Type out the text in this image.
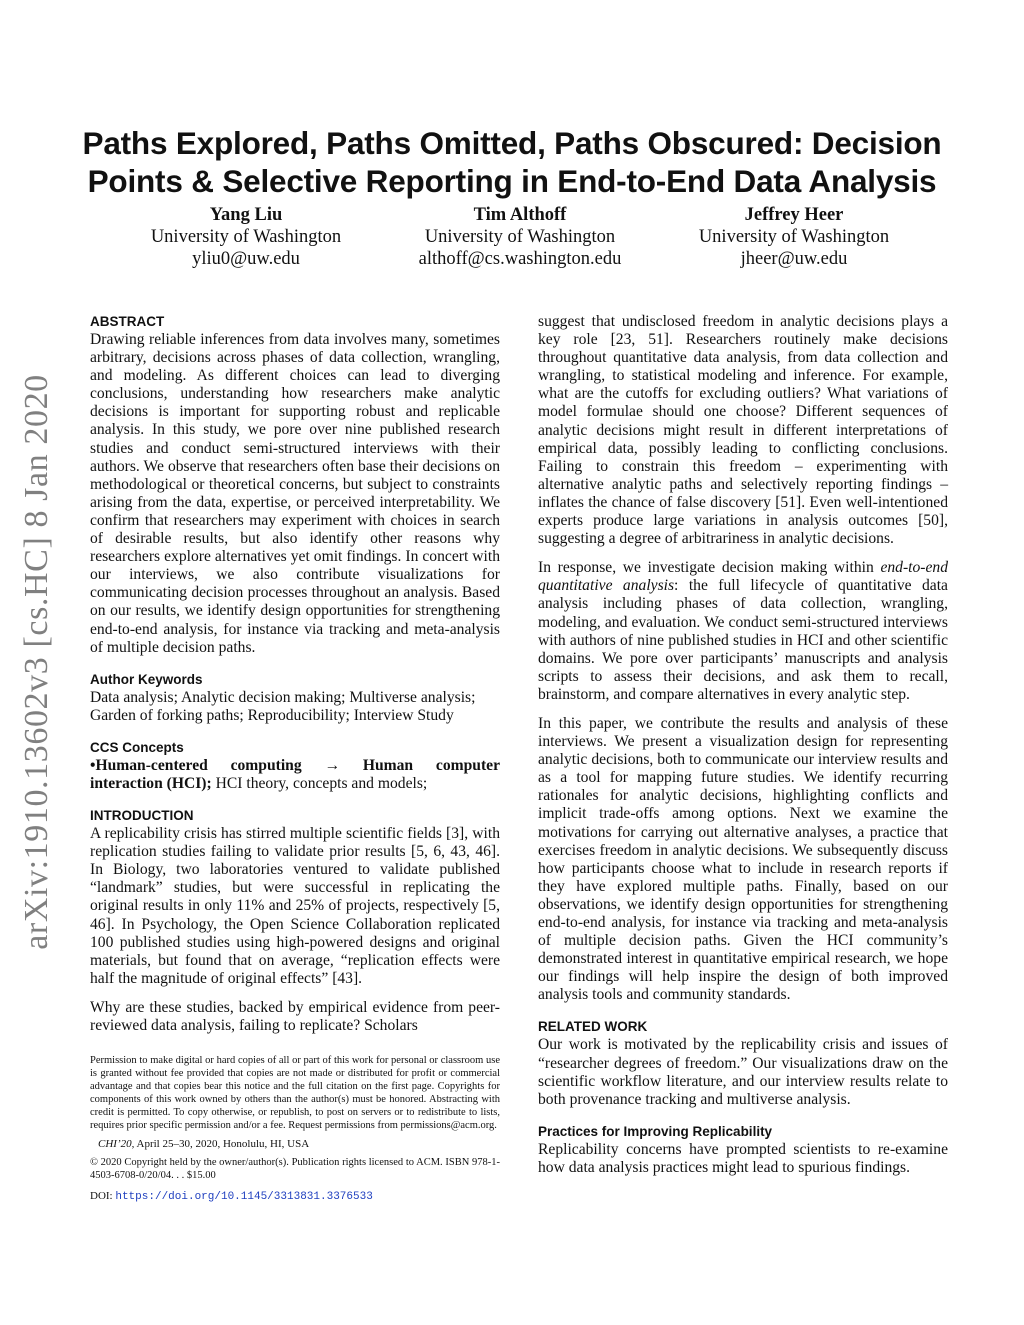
arXiv:1910.13602v3 [cs.HC] 8 Jan 2020
Paths Explored, Paths Omitted, Paths Obscured: Decision Points & Selective Reporting in End-to-End Data Analysis
Yang Liu
University of Washington
yliu0@uw.edu
Tim Althoff
University of Washington
althoff@cs.washington.edu
Jeffrey Heer
University of Washington
jheer@uw.edu
ABSTRACT

Drawing reliable inferences from data involves many, sometimes arbitrary, decisions across phases of data collection, wrangling, and modeling. As different choices can lead to diverging conclusions, understanding how researchers make analytic decisions is important for supporting robust and replicable analysis. In this study, we pore over nine published research studies and conduct semi-structured interviews with their authors. We observe that researchers often base their decisions on methodological or theoretical concerns, but subject to constraints arising from the data, expertise, or perceived interpretability. We confirm that researchers may experiment with choices in search of desirable results, but also identify other reasons why researchers explore alternatives yet omit findings. In concert with our interviews, we also contribute visualizations for communicating decision processes throughout an analysis. Based on our results, we identify design opportunities for strengthening end-to-end analysis, for instance via tracking and meta-analysis of multiple decision paths.

Author Keywords

Data analysis; Analytic decision making; Multiverse analysis; Garden of forking paths; Reproducibility; Interview Study

CCS Concepts

•Human-centered computing → Human computer interaction (HCI); HCI theory, concepts and models;

INTRODUCTION

A replicability crisis has stirred multiple scientific fields [3], with replication studies failing to validate prior results [5, 6, 43, 46]. In Biology, two laboratories ventured to validate published “landmark” studies, but were successful in replicating the original results in only 11% and 25% of projects, respectively [5, 46]. In Psychology, the Open Science Collaboration replicated 100 published studies using high-powered designs and original materials, but found that on average, “replication effects were half the magnitude of original effects” [43].

Why are these studies, backed by empirical evidence from peer-reviewed data analysis, failing to replicate? Scholars

Permission to make digital or hard copies of all or part of this work for personal or classroom use is granted without fee provided that copies are not made or distributed for profit or commercial advantage and that copies bear this notice and the full citation on the first page. Copyrights for components of this work owned by others than the author(s) must be honored. Abstracting with credit is permitted. To copy otherwise, or republish, to post on servers or to redistribute to lists, requires prior specific permission and/or a fee. Request permissions from permissions@acm.org.

CHI’20, April 25–30, 2020, Honolulu, HI, USA

© 2020 Copyright held by the owner/author(s). Publication rights licensed to ACM. ISBN 978-1-4503-6708-0/20/04. . . $15.00

DOI: https://doi.org/10.1145/3313831.3376533

suggest that undisclosed freedom in analytic decisions plays a key role [23, 51]. Researchers routinely make decisions throughout quantitative data analysis, from data collection and wrangling, to statistical modeling and inference. For example, what are the cutoffs for excluding outliers? What variations of model formulae should one choose? Different sequences of analytic decisions might result in different interpretations of empirical data, possibly leading to conflicting conclusions. Failing to constrain this freedom – experimenting with alternative analytic paths and selectively reporting findings – inflates the chance of false discovery [51]. Even well-intentioned experts produce large variations in analysis outcomes [50], suggesting a degree of arbitrariness in analytic decisions.

In response, we investigate decision making within end-to-end quantitative analysis: the full lifecycle of quantitative data analysis including phases of data collection, wrangling, modeling, and evaluation. We conduct semi-structured interviews with authors of nine published studies in HCI and other scientific domains. We pore over participants’ manuscripts and analysis scripts to assess their decisions, and ask them to recall, brainstorm, and compare alternatives in every analytic step.

In this paper, we contribute the results and analysis of these interviews. We present a visualization design for representing analytic decisions, both to communicate our interview results and as a tool for mapping future studies. We identify recurring rationales for analytic decisions, highlighting conflicts and implicit trade-offs among options. Next we examine the motivations for carrying out alternative analyses, a practice that exercises freedom in analytic decisions. We subsequently discuss how participants choose what to include in research reports if they have explored multiple paths. Finally, based on our observations, we identify design opportunities for strengthening end-to-end analysis, for instance via tracking and meta-analysis of multiple decision paths. Given the HCI community’s demonstrated interest in quantitative empirical research, we hope our findings will help inspire the design of both improved analysis tools and community standards.

RELATED WORK

Our work is motivated by the replicability crisis and issues of “researcher degrees of freedom.” Our visualizations draw on the scientific workflow literature, and our interview results relate to both provenance tracking and multiverse analysis.

Practices for Improving Replicability

Replicability concerns have prompted scientists to re-examine how data analysis practices might lead to spurious findings.
